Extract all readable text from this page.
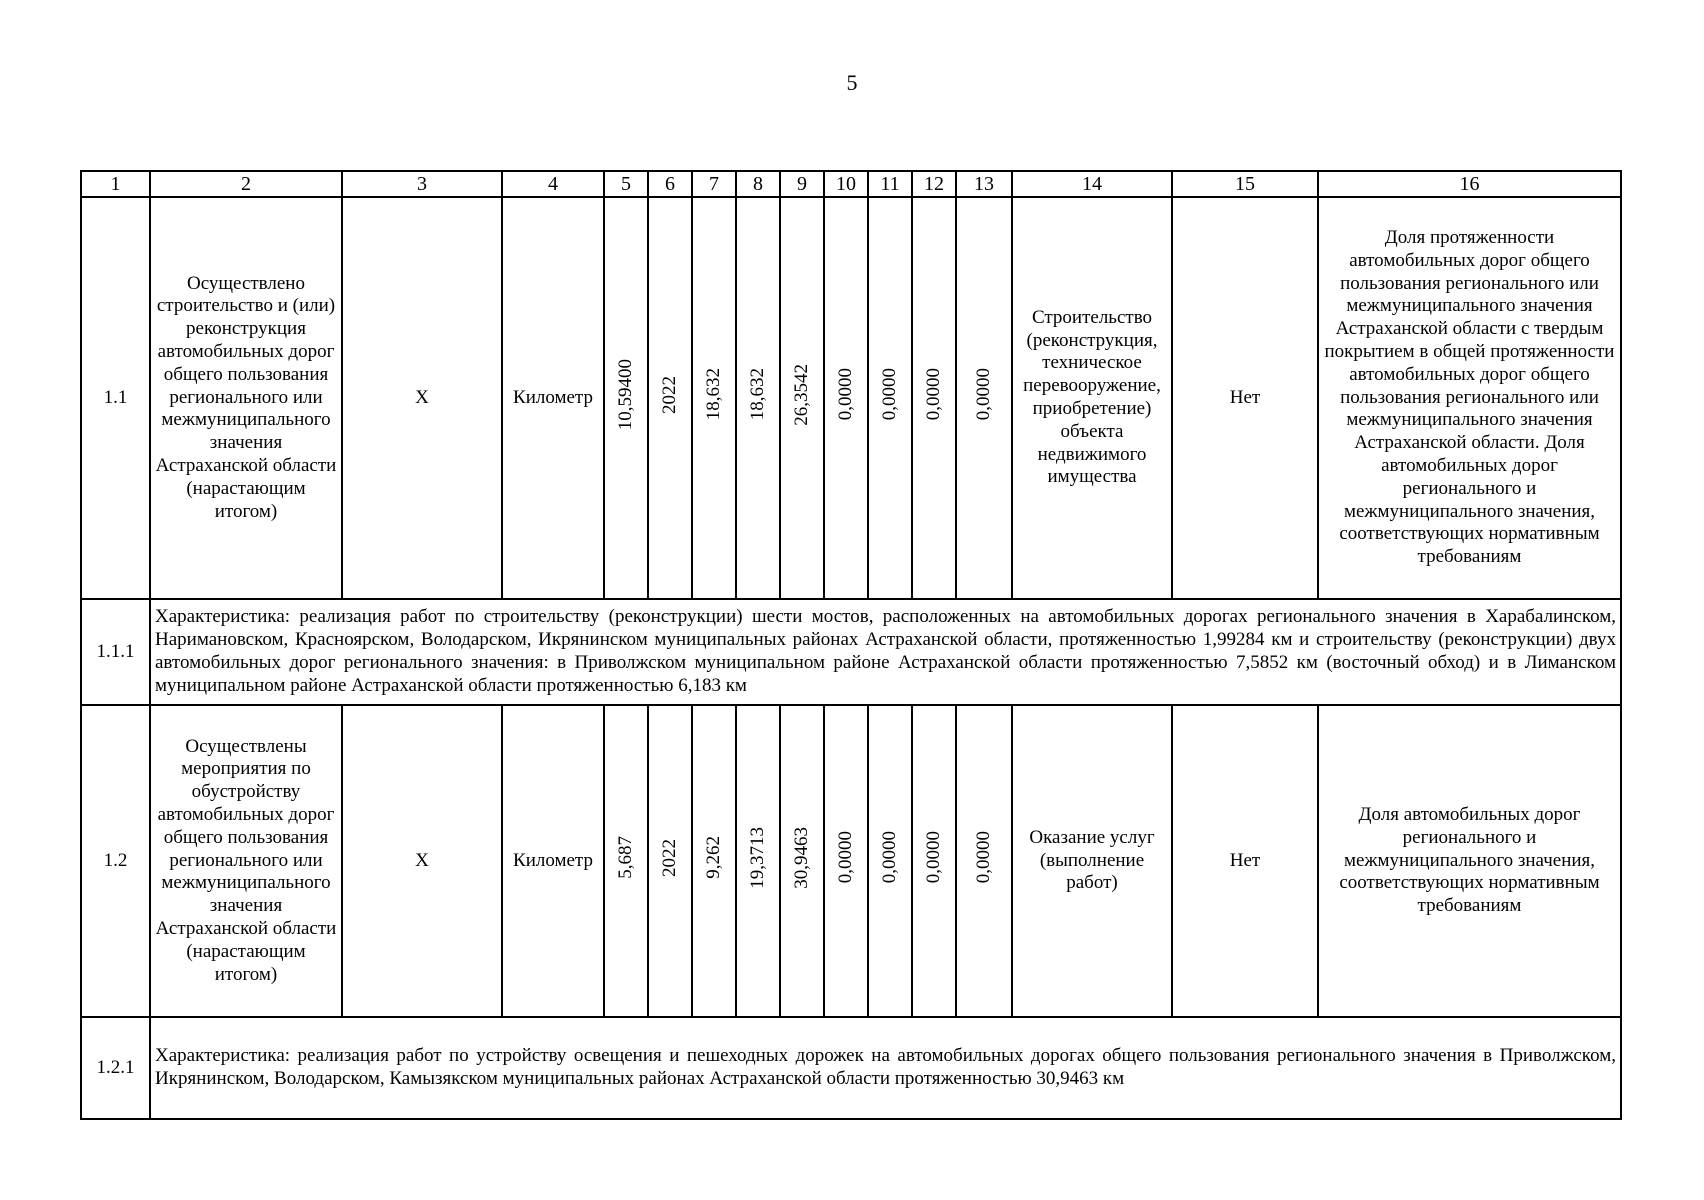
5
1	2	3	4	5	6	7	8	9	10	11	12	13	14	15	16
1.1	Осуществлено строительство и (или) реконструкция автомобильных дорог общего пользования регионального или межмуниципального значения Астраханской области (нарастающим итогом)	X	Километр	10,59400	2022	18,632	18,632	26,3542	0,0000	0,0000	0,0000	0,0000	Строительство (реконструкция, техническое перевооружение, приобретение) объекта недвижимого имущества	Нет	Доля протяженности автомобильных дорог общего пользования регионального или межмуниципального значения Астраханской области с твердым покрытием в общей протяженности автомобильных дорог общего пользования регионального или межмуниципального значения Астраханской области. Доля автомобильных дорог регионального и межмуниципального значения, соответствующих нормативным требованиям
1.1.1	Характеристика: реализация работ по строительству (реконструкции) шести мостов, расположенных на автомобильных дорогах регионального значения в Харабалинском, Наримановском, Красноярском, Володарском, Икрянинском муниципальных районах Астраханской области, протяженностью 1,99284 км и строительству (реконструкции) двух автомобильных дорог регионального значения: в Приволжском муниципальном районе Астраханской области протяженностью 7,5852 км (восточный обход) и в Лиманском муниципальном районе Астраханской области протяженностью 6,183 км														
1.2	Осуществлены мероприятия по обустройству автомобильных дорог общего пользования регионального или межмуниципального значения Астраханской области (нарастающим итогом)	X	Километр	5,687	2022	9,262	19,3713	30,9463	0,0000	0,0000	0,0000	0,0000	Оказание услуг (выполнение работ)	Нет	Доля автомобильных дорог регионального и межмуниципального значения, соответствующих нормативным требованиям
1.2.1	Характеристика: реализация работ по устройству освещения и пешеходных дорожек на автомобильных дорогах общего пользования регионального значения в Приволжском, Икрянинском, Володарском, Камызякском муниципальных районах Астраханской области протяженностью 30,9463 км														
